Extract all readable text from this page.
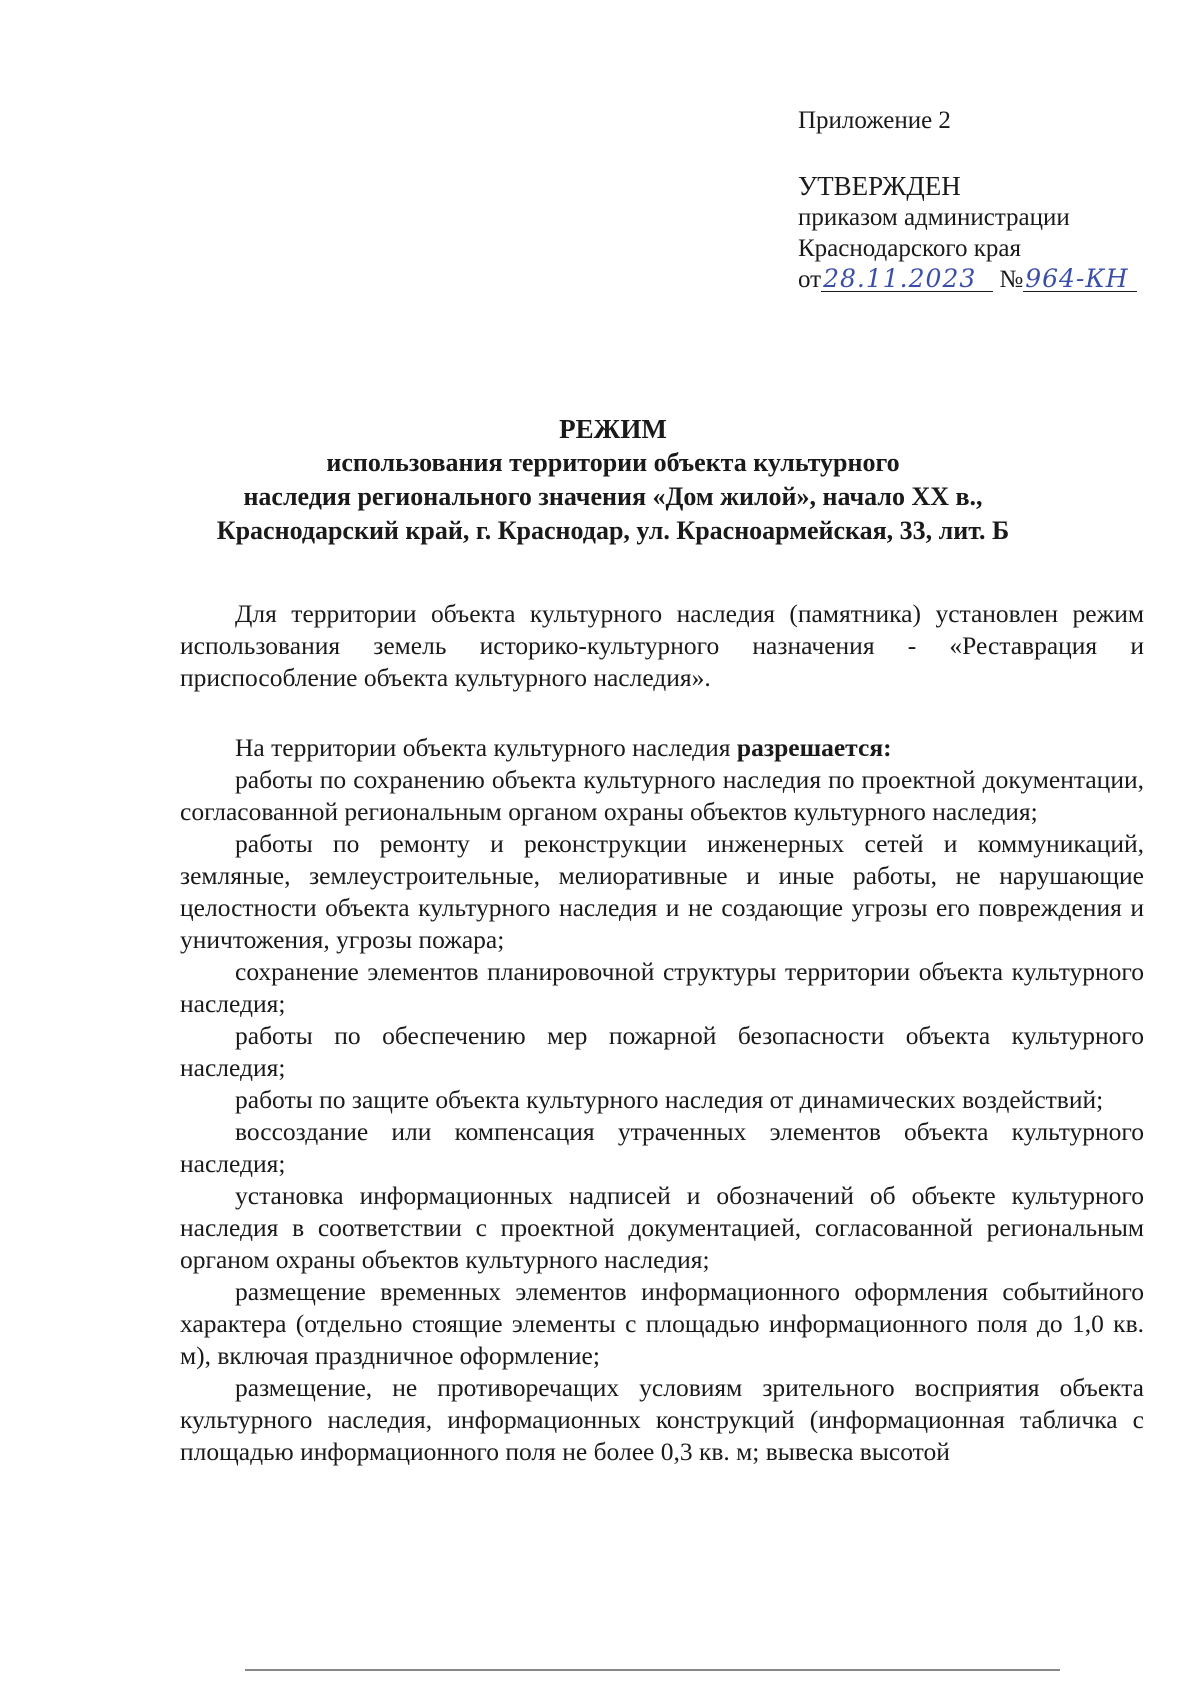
Приложение 2
УТВЕРЖДЕН
приказом администрации
Краснодарского края
от28.11.2023 №964-КН
РЕЖИМ
использования территории объекта культурного
наследия регионального значения «Дом жилой», начало XX в.,
Краснодарский край, г. Краснодар, ул. Красноармейская, 33, лит. Б

Для территории объекта культурного наследия (памятника) установлен режим использования земель историко-культурного назначения - «Реставрация и приспособление объекта культурного наследия».

На территории объекта культурного наследия разрешается:

работы по сохранению объекта культурного наследия по проектной документации, согласованной региональным органом охраны объектов культурного наследия;

работы по ремонту и реконструкции инженерных сетей и коммуникаций, земляные, землеустроительные, мелиоративные и иные работы, не нарушающие целостности объекта культурного наследия и не создающие угрозы его повреждения и уничтожения, угрозы пожара;

сохранение элементов планировочной структуры территории объекта культурного наследия;

работы по обеспечению мер пожарной безопасности объекта культурного наследия;

работы по защите объекта культурного наследия от динамических воздействий;

воссоздание или компенсация утраченных элементов объекта культурного наследия;

установка информационных надписей и обозначений об объекте культурного наследия в соответствии с проектной документацией, согласованной региональным органом охраны объектов культурного наследия;

размещение временных элементов информационного оформления событийного характера (отдельно стоящие элементы с площадью информационного поля до 1,0 кв. м), включая праздничное оформление;

размещение, не противоречащих условиям зрительного восприятия объекта культурного наследия, информационных конструкций (информационная табличка с площадью информационного поля не более 0,3 кв. м; вывеска высотой
